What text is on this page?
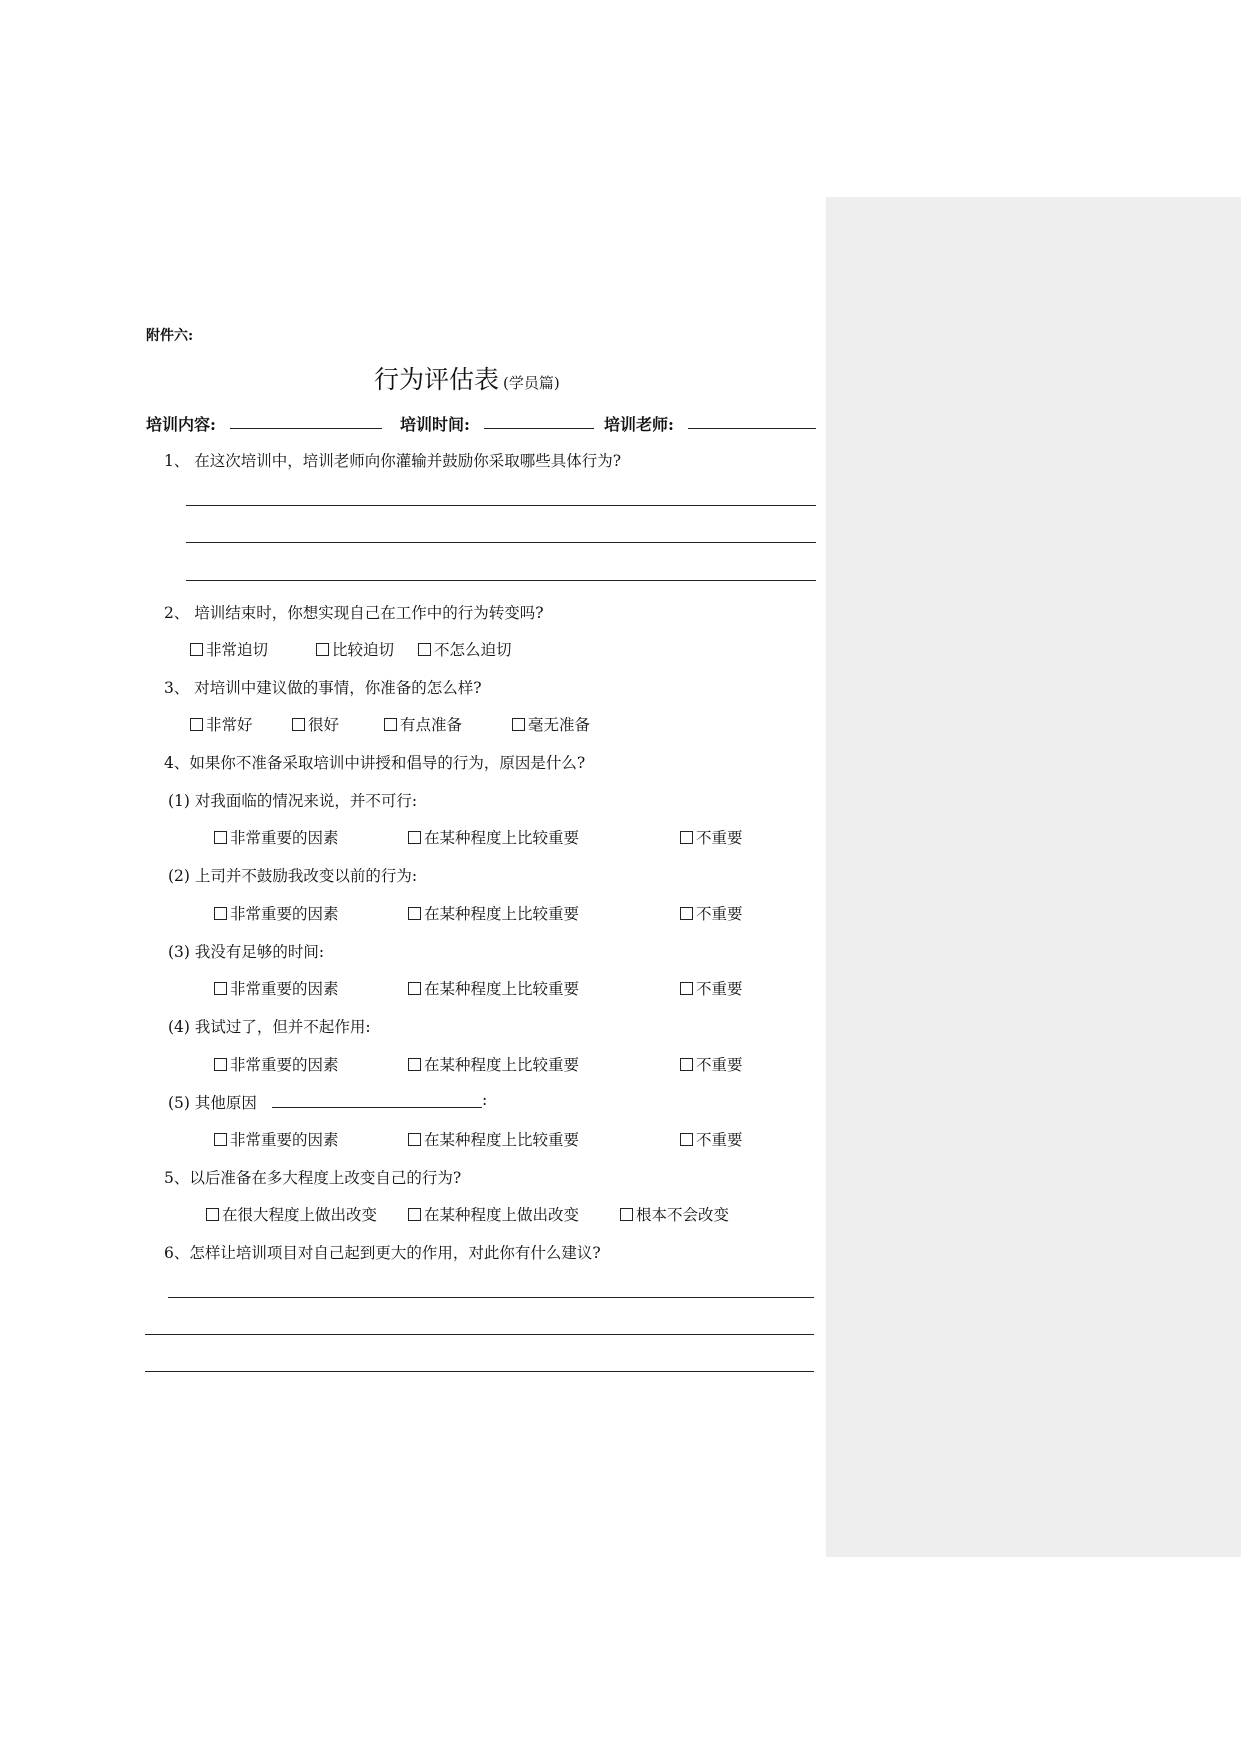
附件六:
行为评估表 (学员篇)
培训内容:	培训时间:	培训老师:
1、 在这次培训中，培训老师向你灌输并鼓励你采取哪些具体行为?
2、 培训结束时，你想实现自己在工作中的行为转变吗?
非常迫切	比较迫切	不怎么迫切
3、 对培训中建议做的事情，你准备的怎么样?
非常好	很好	有点准备	毫无准备
4、如果你不准备采取培训中讲授和倡导的行为，原因是什么?
(1) 对我面临的情况来说，并不可行:
非常重要的因素	在某种程度上比较重要	不重要
(2) 上司并不鼓励我改变以前的行为:
非常重要的因素	在某种程度上比较重要	不重要
(3) 我没有足够的时间:
非常重要的因素	在某种程度上比较重要	不重要
(4) 我试过了，但并不起作用:
非常重要的因素	在某种程度上比较重要	不重要
(5) 其他原因	:
非常重要的因素	在某种程度上比较重要	不重要
5、以后准备在多大程度上改变自己的行为?
在很大程度上做出改变	在某种程度上做出改变	根本不会改变
6、怎样让培训项目对自己起到更大的作用，对此你有什么建议?
